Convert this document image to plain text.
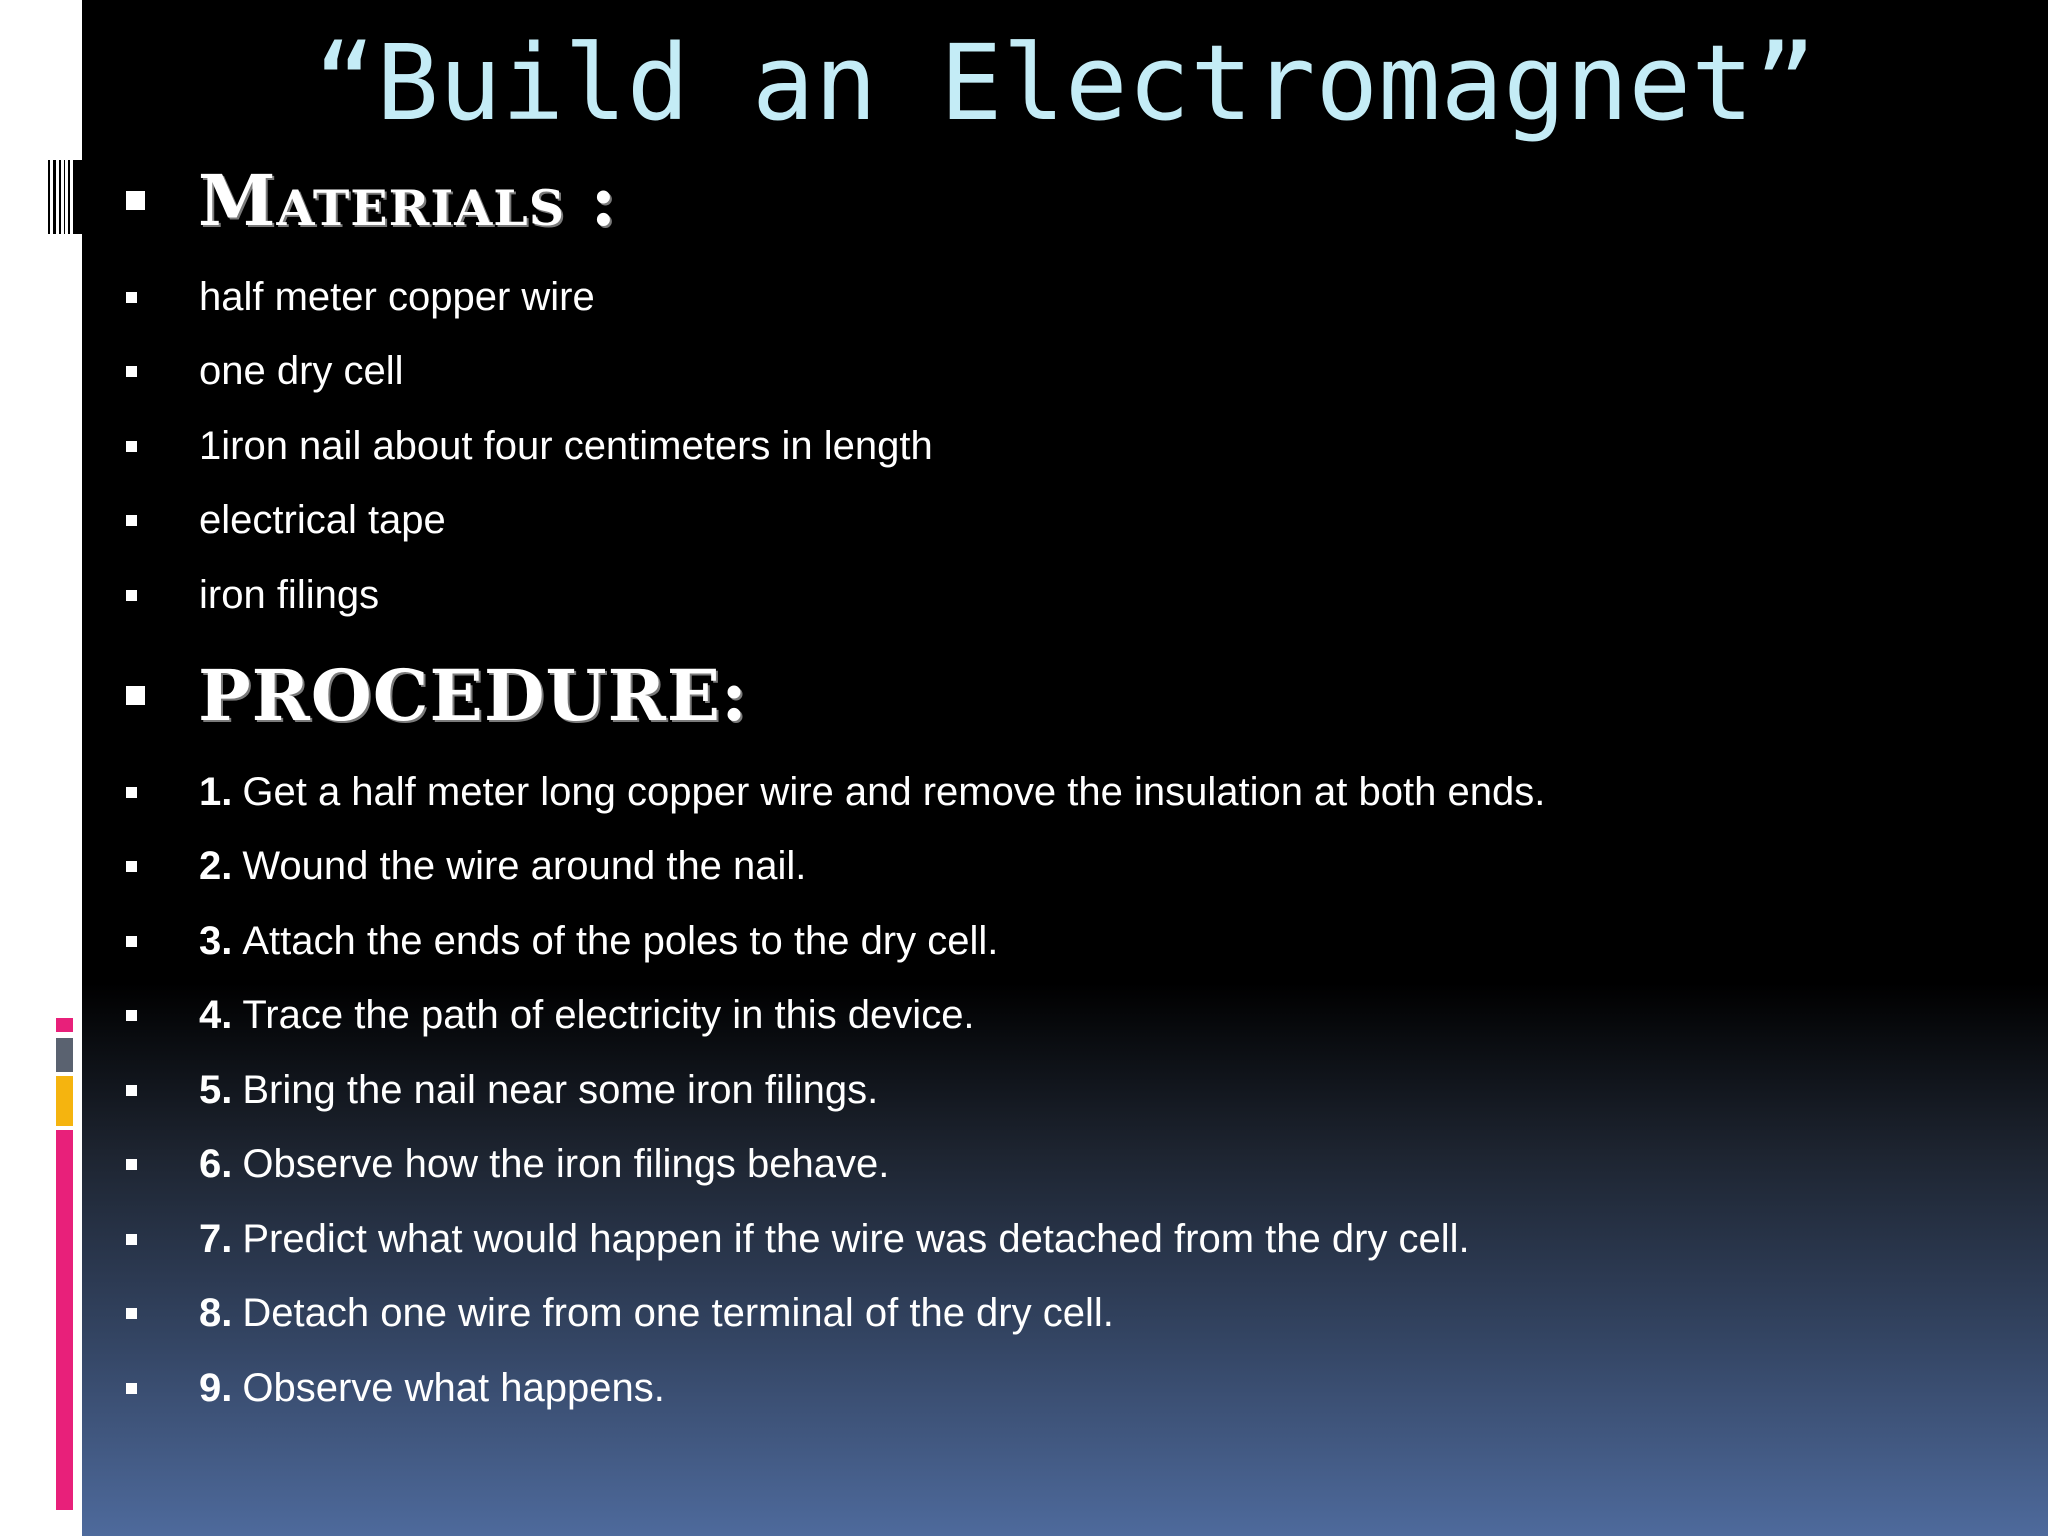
“Build an Electromagnet”
Materials :
half meter copper wire
one dry cell
1iron nail about four centimeters in length
electrical tape
iron filings
PROCEDURE:
1. Get a half meter long copper wire and remove the insulation at both ends.
2. Wound the wire around the nail.
3. Attach the ends of the poles to the dry cell.
4. Trace the path of electricity in this device.
5. Bring the nail near some iron filings.
6. Observe how the iron filings behave.
7. Predict what would happen if the wire was detached from the dry cell.
8. Detach one wire from one terminal of the dry cell.
9. Observe what happens.
